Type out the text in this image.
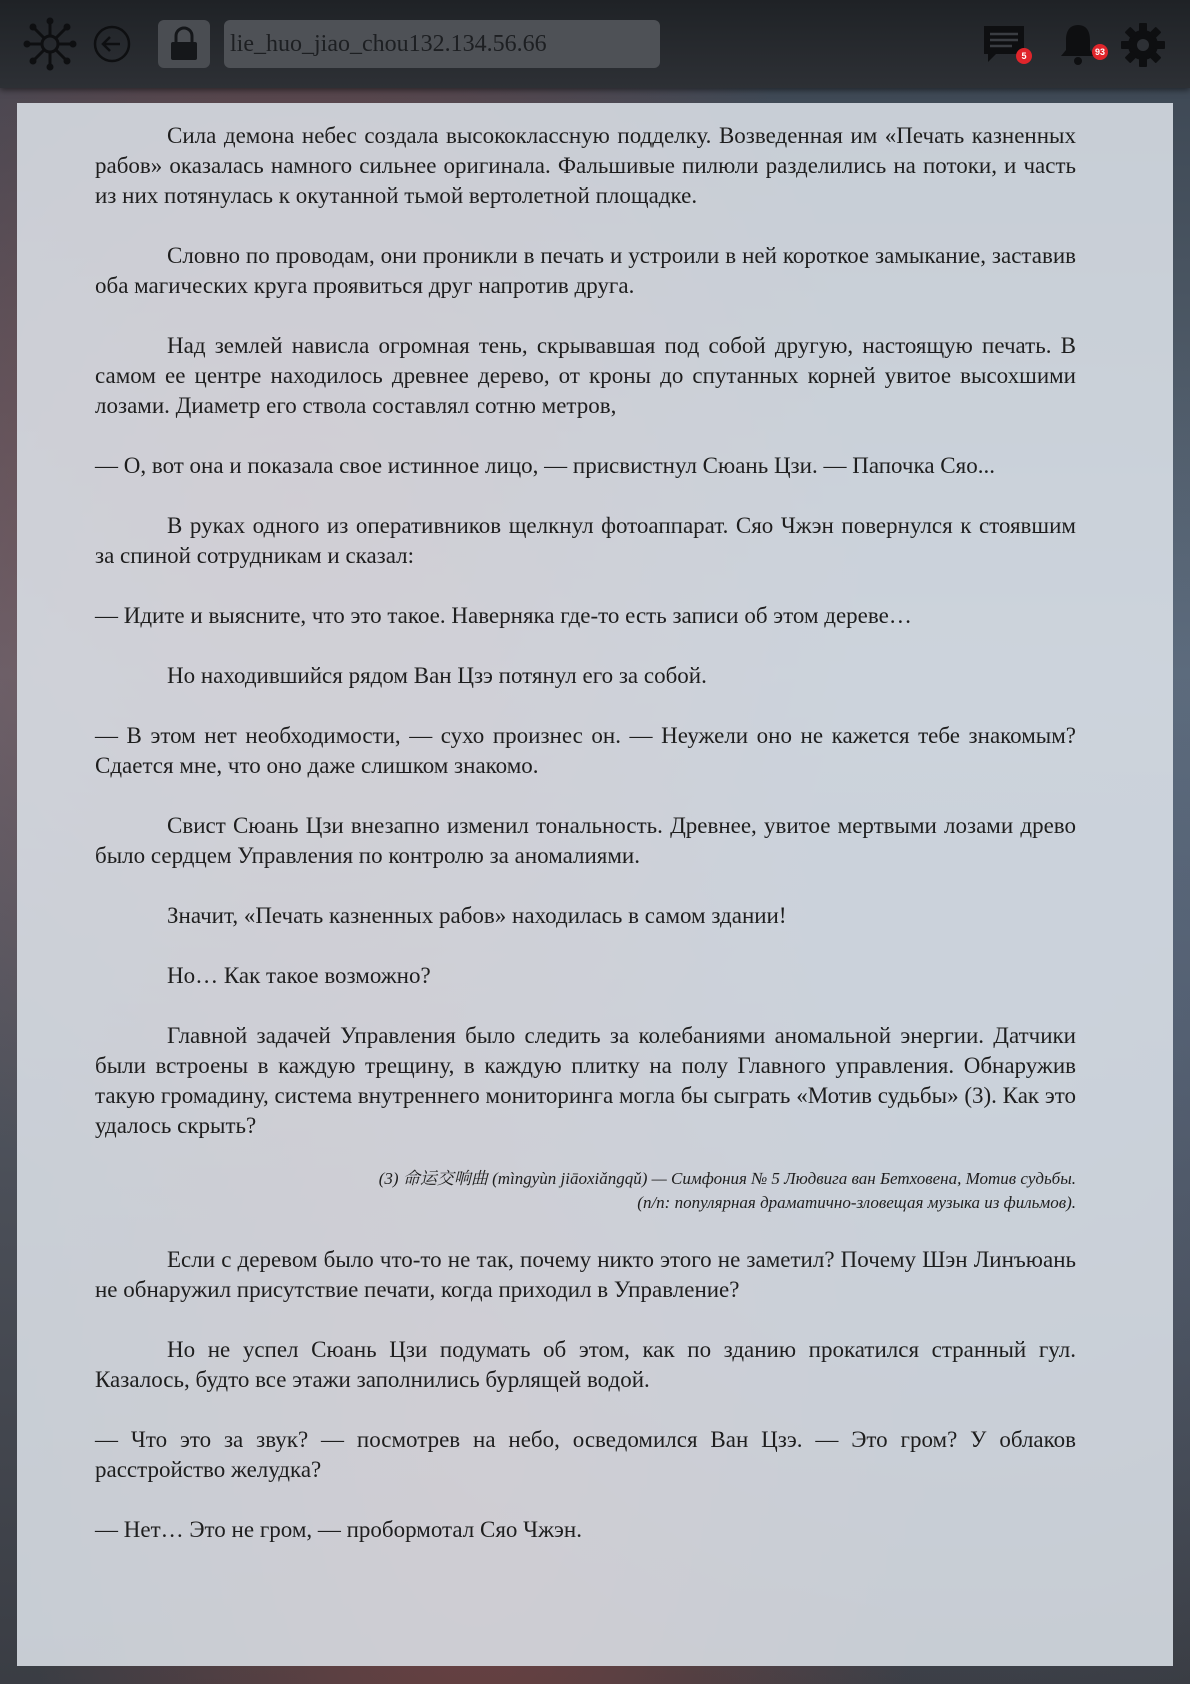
lie_huo_jiao_chou132.134.56.66
5	93

Сила демона небес создала высококлассную подделку. Возведенная им «Печать казненных рабов» оказалась намного сильнее оригинала. Фальшивые пилюли разделились на потоки, и часть из них потянулась к окутанной тьмой вертолетной площадке.

Словно по проводам, они проникли в печать и устроили в ней короткое замыкание, заставив оба магических круга проявиться друг напротив друга.

Над землей нависла огромная тень, скрывавшая под собой другую, настоящую печать. В самом ее центре находилось древнее дерево, от кроны до спутанных корней увитое высохшими лозами. Диаметр его ствола составлял сотню метров,

— О, вот она и показала свое истинное лицо, — присвистнул Сюань Цзи. — Папочка Сяо...

В руках одного из оперативников щелкнул фотоаппарат. Сяо Чжэн повернулся к стоявшим за спиной сотрудникам и сказал:

— Идите и выясните, что это такое. Наверняка где-то есть записи об этом дереве…

Но находившийся рядом Ван Цзэ потянул его за собой.

— В этом нет необходимости, — сухо произнес он. — Неужели оно не кажется тебе знакомым? Сдается мне, что оно даже слишком знакомо.

Свист Сюань Цзи внезапно изменил тональность. Древнее, увитое мертвыми лозами древо было сердцем Управления по контролю за аномалиями.

Значит, «Печать казненных рабов» находилась в самом здании!

Но… Как такое возможно?

Главной задачей Управления было следить за колебаниями аномальной энергии. Датчики были встроены в каждую трещину, в каждую плитку на полу Главного управления. Обнаружив такую громадину, система внутреннего мониторинга могла бы сыграть «Мотив судьбы» (3). Как это удалось скрыть?

(3) 命运交响曲 (mìngyùn jiāoxiǎngqǔ) — Симфония № 5 Людвига ван Бетховена, Мотив судьбы.
(п/п: популярная драматично-зловещая музыка из фильмов).

Если с деревом было что-то не так, почему никто этого не заметил? Почему Шэн Линъюань не обнаружил присутствие печати, когда приходил в Управление?

Но не успел Сюань Цзи подумать об этом, как по зданию прокатился странный гул. Казалось, будто все этажи заполнились бурлящей водой.

— Что это за звук? — посмотрев на небо, осведомился Ван Цзэ. — Это гром? У облаков расстройство желудка?

— Нет… Это не гром, — пробормотал Сяо Чжэн.
